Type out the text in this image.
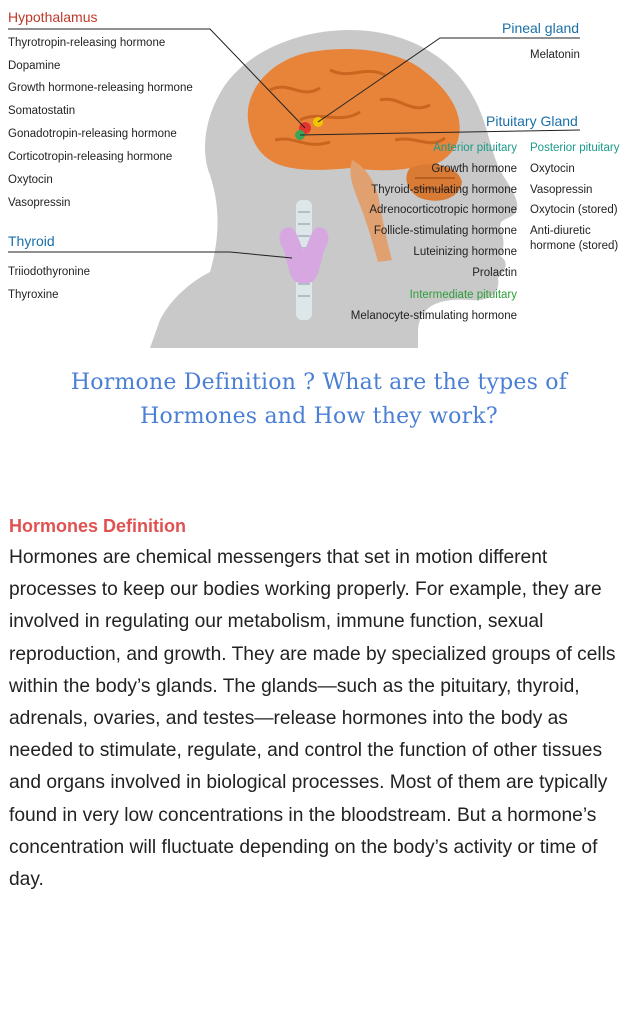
Hypothalamus
Thyrotropin-releasing hormone
Dopamine
Growth hormone-releasing hormone
Somatostatin
Gonadotropin-releasing hormone
Corticotropin-releasing hormone
Oxytocin
Vasopressin
Thyroid
Triiodothyronine
Thyroxine
Pineal gland
Melatonin
Pituitary Gland
Anterior pituitary
Growth hormone
Thyroid-stimulating hormone
Adrenocorticotropic hormone
Follicle-stimulating hormone
Luteinizing hormone
Prolactin
Posterior pituitary
Oxytocin
Vasopressin
Oxytocin (stored)
Anti-diuretic
hormone (stored)
Intermediate pituitary
Melanocyte-stimulating hormone
Hormone Definition ? What are the types of Hormones and How they work?
Hormones Definition

Hormones are chemical messengers that set in motion different processes to keep our bodies working properly. For example, they are involved in regulating our metabolism, immune function, sexual reproduction, and growth. They are made by specialized groups of cells within the body’s glands. The glands—such as the pituitary, thyroid, adrenals, ovaries, and testes—release hormones into the body as needed to stimulate, regulate, and control the function of other tissues and organs involved in biological processes. Most of them are typically found in very low concentrations in the bloodstream. But a hormone’s concentration will fluctuate depending on the body’s activity or time of day.
